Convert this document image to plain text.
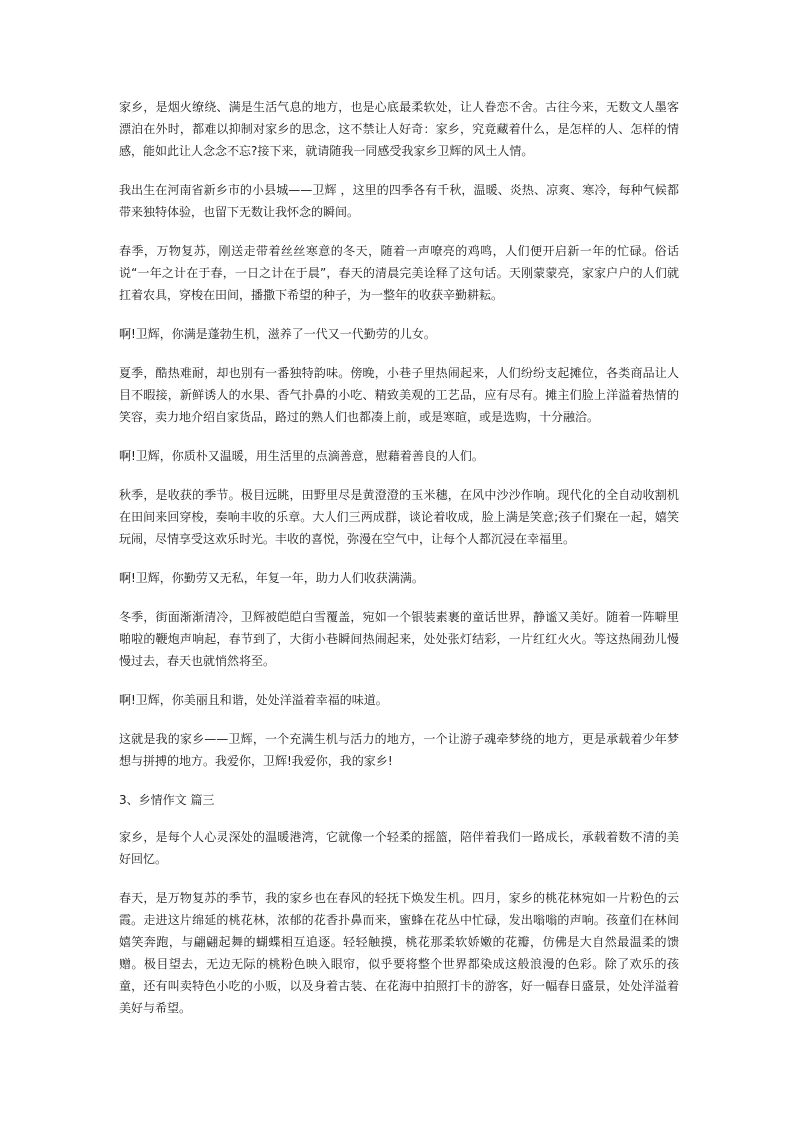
家乡，是烟火缭绕、满是生活气息的地方，也是心底最柔软处，让人眷恋不舍。古往今来，无数文人墨客漂泊在外时，都难以抑制对家乡的思念，这不禁让人好奇：家乡，究竟藏着什么，是怎样的人、怎样的情感，能如此让人念念不忘?接下来，就请随我一同感受我家乡卫辉的风土人情。

我出生在河南省新乡市的小县城——卫辉 ，这里的四季各有千秋，温暖、炎热、凉爽、寒冷，每种气候都带来独特体验，也留下无数让我怀念的瞬间。

春季，万物复苏，刚送走带着丝丝寒意的冬天，随着一声嘹亮的鸡鸣，人们便开启新一年的忙碌。俗话说“一年之计在于春，一日之计在于晨”，春天的清晨完美诠释了这句话。天刚蒙蒙亮，家家户户的人们就扛着农具，穿梭在田间，播撒下希望的种子，为一整年的收获辛勤耕耘。

啊!卫辉，你满是蓬勃生机，滋养了一代又一代勤劳的儿女。

夏季，酷热难耐，却也别有一番独特韵味。傍晚，小巷子里热闹起来，人们纷纷支起摊位，各类商品让人目不暇接，新鲜诱人的水果、香气扑鼻的小吃、精致美观的工艺品，应有尽有。摊主们脸上洋溢着热情的笑容，卖力地介绍自家货品，路过的熟人们也都凑上前，或是寒暄，或是选购，十分融洽。

啊!卫辉，你质朴又温暖，用生活里的点滴善意，慰藉着善良的人们。

秋季，是收获的季节。极目远眺，田野里尽是黄澄澄的玉米穗，在风中沙沙作响。现代化的全自动收割机在田间来回穿梭，奏响丰收的乐章。大人们三两成群，谈论着收成，脸上满是笑意;孩子们聚在一起，嬉笑玩闹，尽情享受这欢乐时光。丰收的喜悦，弥漫在空气中，让每个人都沉浸在幸福里。

啊!卫辉，你勤劳又无私，年复一年，助力人们收获满满。

冬季，街面渐渐清冷，卫辉被皑皑白雪覆盖，宛如一个银装素裹的童话世界，静谧又美好。随着一阵噼里啪啦的鞭炮声响起，春节到了，大街小巷瞬间热闹起来，处处张灯结彩，一片红红火火。等这热闹劲儿慢慢过去，春天也就悄然将至。

啊!卫辉，你美丽且和谐，处处洋溢着幸福的味道。

这就是我的家乡——卫辉，一个充满生机与活力的地方，一个让游子魂牵梦绕的地方，更是承载着少年梦想与拼搏的地方。我爱你，卫辉!我爱你，我的家乡!

3、乡情作文 篇三

家乡，是每个人心灵深处的温暖港湾，它就像一个轻柔的摇篮，陪伴着我们一路成长，承载着数不清的美好回忆。

春天，是万物复苏的季节，我的家乡也在春风的轻抚下焕发生机。四月，家乡的桃花林宛如一片粉色的云霞。走进这片绵延的桃花林，浓郁的花香扑鼻而来，蜜蜂在花丛中忙碌，发出嗡嗡的声响。孩童们在林间嬉笑奔跑，与翩翩起舞的蝴蝶相互追逐。轻轻触摸，桃花那柔软娇嫩的花瓣，仿佛是大自然最温柔的馈赠。极目望去，无边无际的桃粉色映入眼帘，似乎要将整个世界都染成这般浪漫的色彩。除了欢乐的孩童，还有叫卖特色小吃的小贩，以及身着古装、在花海中拍照打卡的游客，好一幅春日盛景，处处洋溢着美好与希望。
